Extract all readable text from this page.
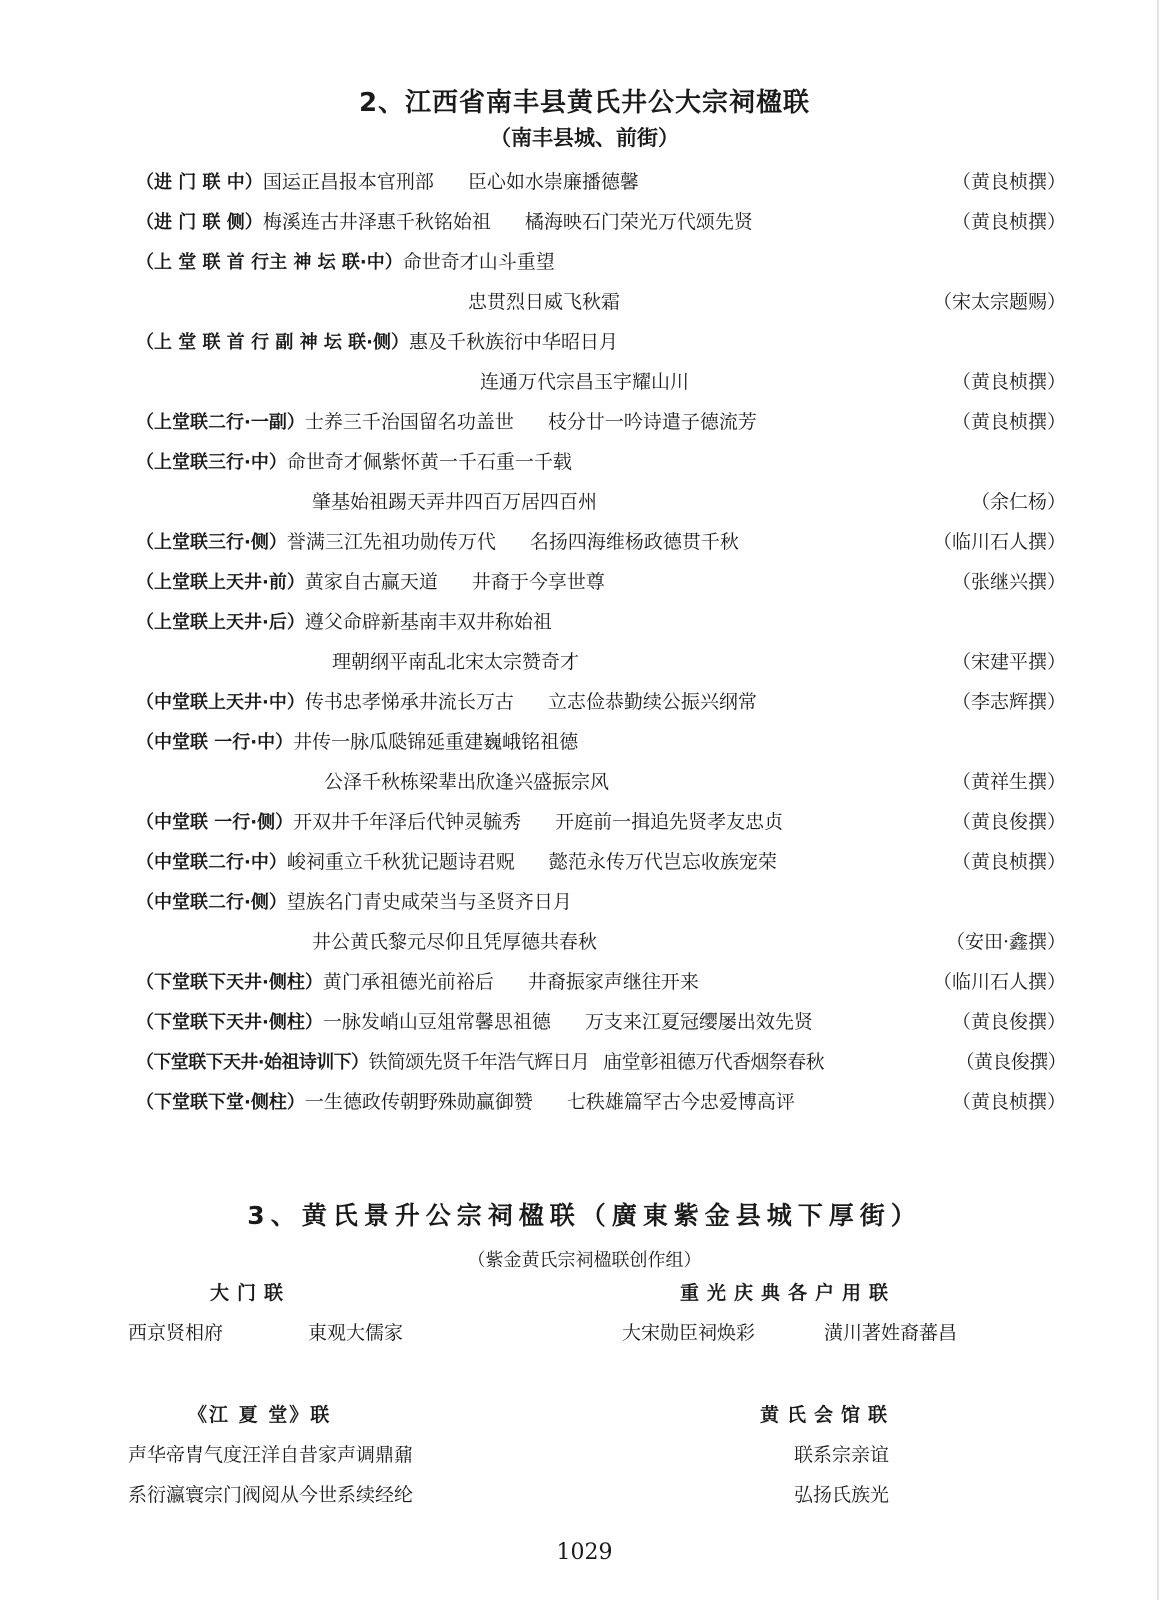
2、江西省南丰县黄氏井公大宗祠楹联
（南丰县城、前街）
（进 门 联 中）国运正昌报本官刑部 臣心如水崇廉播德馨	（黄良桢撰）
（进 门 联 侧）梅溪连古井泽惠千秋铭始祖 橘海映石门荣光万代颂先贤	（黄良桢撰）
（上 堂 联 首 行主 神 坛 联·中）命世奇才山斗重望
忠贯烈日威飞秋霜	（宋太宗题赐）
（上 堂 联 首 行 副 神 坛 联·侧）惠及千秋族衍中华昭日月
连通万代宗昌玉宇耀山川	（黄良桢撰）
（上堂联二行·一副）士养三千治国留名功盖世 枝分廿一吟诗遣子德流芳	（黄良桢撰）
（上堂联三行·中）命世奇才佩紫怀黄一千石重一千载
肇基始祖踢天弄井四百万居四百州	（余仁杨）
（上堂联三行·侧）誉满三江先祖功勋传万代 名扬四海维杨政德贯千秋	（临川石人撰）
（上堂联上天井·前）黄家自古赢天道 井裔于今享世尊	（张继兴撰）
（上堂联上天井·后）遵父命辟新基南丰双井称始祖
理朝纲平南乱北宋太宗赞奇才	（宋建平撰）
（中堂联上天井·中）传书忠孝悌承井流长万古 立志俭恭勤续公振兴纲常	（李志辉撰）
（中堂联 一行·中）井传一脉瓜瓞锦延重建巍峨铭祖德
公泽千秋栋梁辈出欣逢兴盛振宗风	（黄祥生撰）
（中堂联 一行·侧）开双井千年泽后代钟灵毓秀 开庭前一揖追先贤孝友忠贞	（黄良俊撰）
（中堂联二行·中）峻祠重立千秋犹记题诗君贶 懿范永传万代岂忘收族宠荣	（黄良桢撰）
（中堂联二行·侧）望族名门青史咸荣当与圣贤齐日月
井公黄氏黎元尽仰且凭厚德共春秋	（安田·鑫撰）
（下堂联下天井·侧柱）黄门承祖德光前裕后 井裔振家声继往开来	（临川石人撰）
（下堂联下天井·侧柱）一脉发峭山豆俎常馨思祖德 万支来江夏冠缨屡出效先贤	（黄良俊撰）
（下堂联下天井·始祖诗训下）铁简颂先贤千年浩气辉日月 庙堂彰祖德万代香烟祭春秋	（黄良俊撰）
（下堂联下堂·侧柱）一生德政传朝野殊勋赢御赞 七秩雄篇罕古今忠爱博高评	（黄良桢撰）
3、黄氏景升公宗祠楹联（廣東紫金县城下厚街）
（紫金黄氏宗祠楹联创作组）
大门联
西京贤相府	東观大儒家
重光庆典各户用联
大宋勋臣祠焕彩	潢川著姓裔蕃昌
《江 夏 堂》联
声华帝胄气度汪洋自昔家声调鼎鼐
系衍瀛寰宗门阀阅从今世系续经纶
黄氏会馆联
联系宗亲谊
弘扬氏族光
1029
